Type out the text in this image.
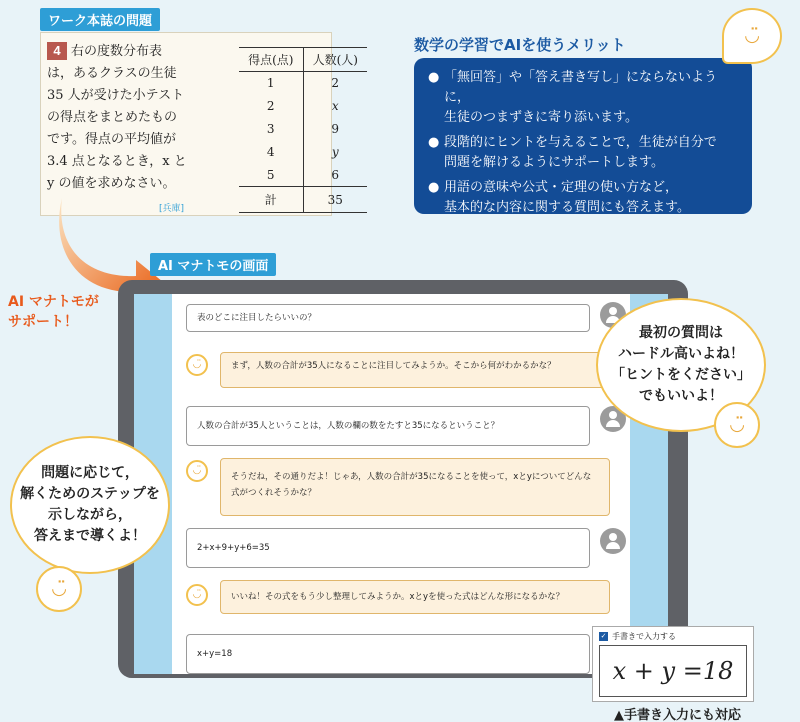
ワーク本誌の問題
4 右の度数分布表
は，あるクラスの生徒
35 人が受けた小テスト
の得点をまとめたもの
です。得点の平均値が
3.4 点となるとき，x と
y の値を求めなさい。
[兵庫]
得点(点)	人数(人)
1	2
2	x
3	9
4	y
5	6
計	35
数学の学習でAIを使うメリット
● 「無回答」や「答え書き写し」にならないように，
生徒のつまずきに寄り添います。
● 段階的にヒントを与えることで，生徒が自分で
問題を解けるようにサポートします。
● 用語の意味や公式・定理の使い方など，
基本的な内容に関する質問にも答えます。
◡̈
AI マナトモが
サポート！
AI マナトモの画面
表のどこに注目したらいいの？
◡̈	まず，人数の合計が35人になることに注目してみようか。そこから何がわかるかな？
人数の合計が35人ということは，人数の欄の数をたすと35になるということ？
◡̈
そうだね，その通りだよ！じゃあ，人数の合計が35になることを使って，xとyについてどんな式がつくれそうかな？
2+x+9+y+6=35
◡̈	いいね！その式をもう少し整理してみようか。xとyを使った式はどんな形になるかな？
x+y=18
最初の質問は
ハードル高いよね！
「ヒントをください」
でもいいよ！
◡̈
問題に応じて，
解くためのステップを
示しながら，
答えまで導くよ！
◡̈
✓ 手書きで入力する
x + y =18
▲手書き入力にも対応
